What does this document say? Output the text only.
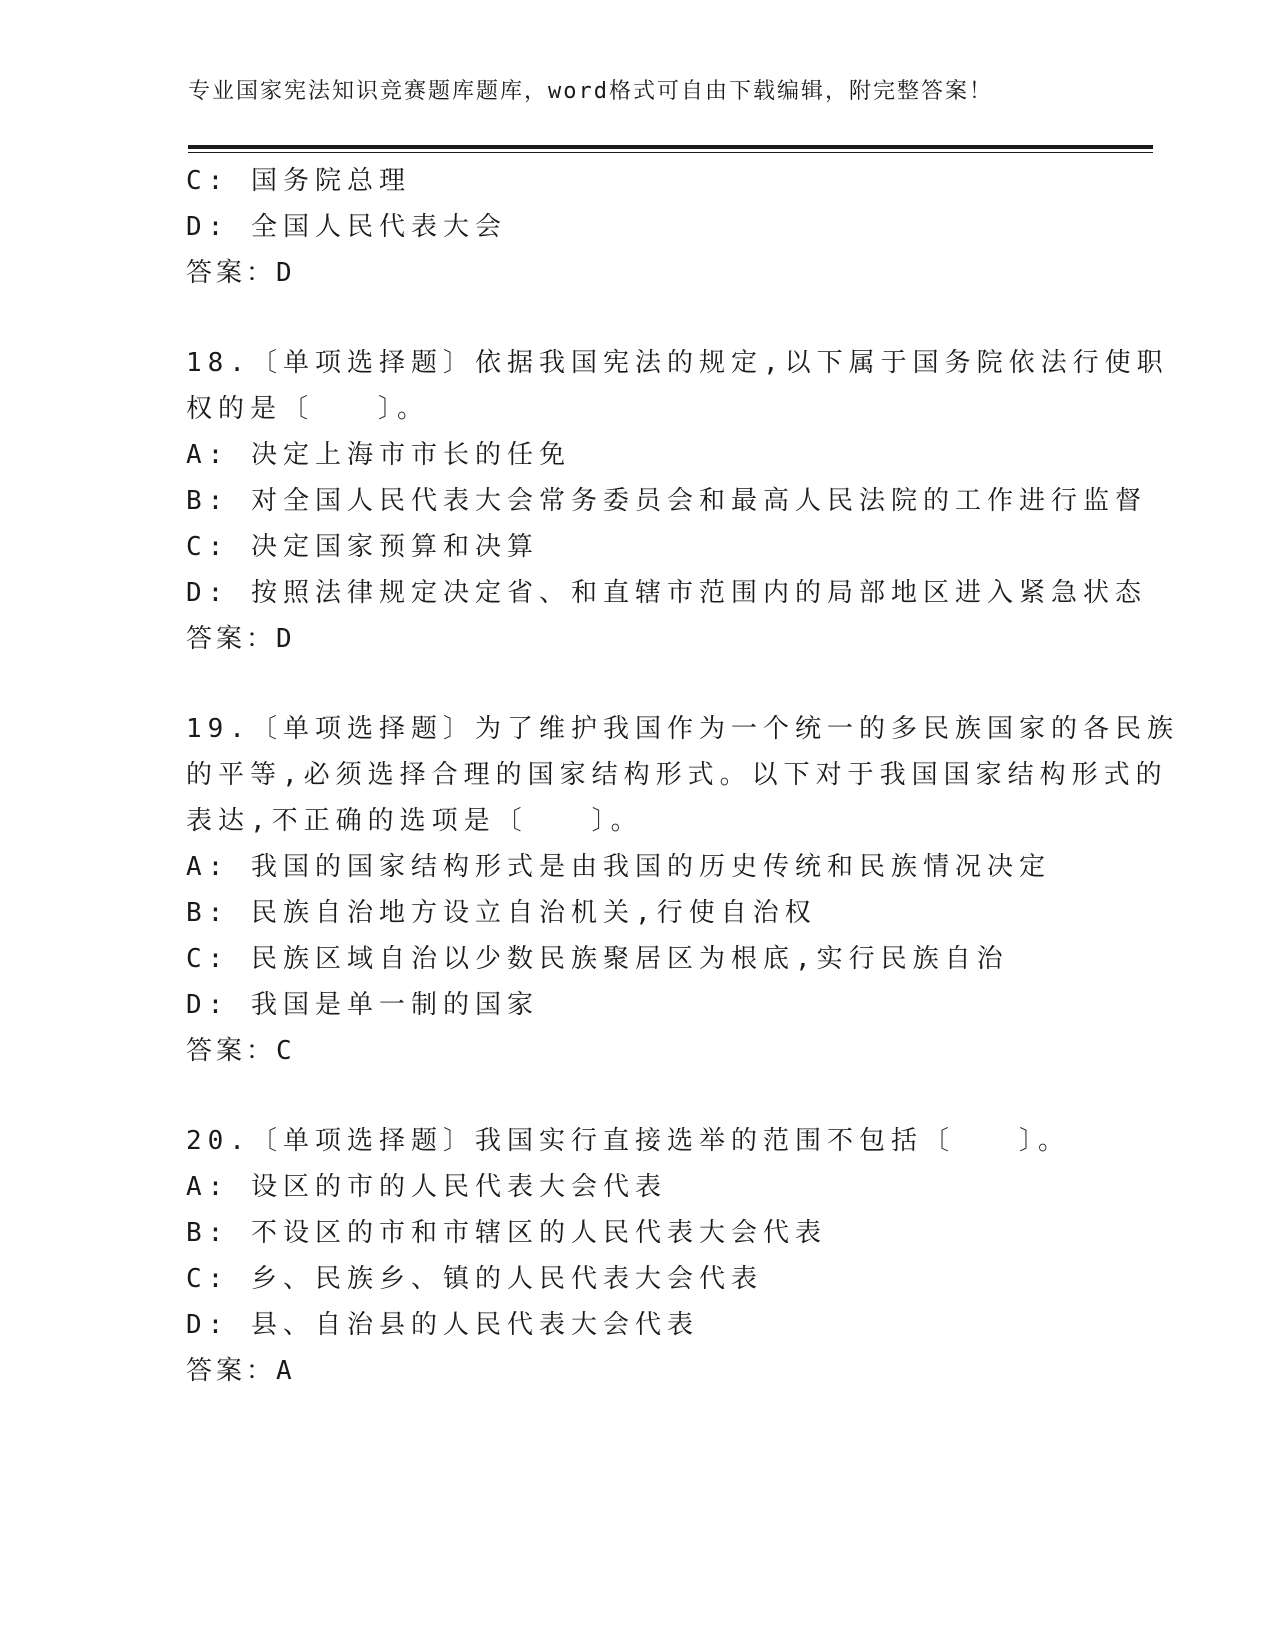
专业国家宪法知识竞赛题库题库，word格式可自由下载编辑，附完整答案！
C: 国务院总理
D: 全国人民代表大会
答案：D
18.〔单项选择题〕依据我国宪法的规定,以下属于国务院依法行使职
权的是〔　　〕。
A: 决定上海市市长的任免
B: 对全国人民代表大会常务委员会和最高人民法院的工作进行监督
C: 决定国家预算和决算
D: 按照法律规定决定省、和直辖市范围内的局部地区进入紧急状态
答案：D
19.〔单项选择题〕为了维护我国作为一个统一的多民族国家的各民族
的平等,必须选择合理的国家结构形式。以下对于我国国家结构形式的
表达,不正确的选项是〔　　〕。
A: 我国的国家结构形式是由我国的历史传统和民族情况决定
B: 民族自治地方设立自治机关,行使自治权
C: 民族区域自治以少数民族聚居区为根底,实行民族自治
D: 我国是单一制的国家
答案：C
20.〔单项选择题〕我国实行直接选举的范围不包括〔　　〕。
A: 设区的市的人民代表大会代表
B: 不设区的市和市辖区的人民代表大会代表
C: 乡、民族乡、镇的人民代表大会代表
D: 县、自治县的人民代表大会代表
答案：A
